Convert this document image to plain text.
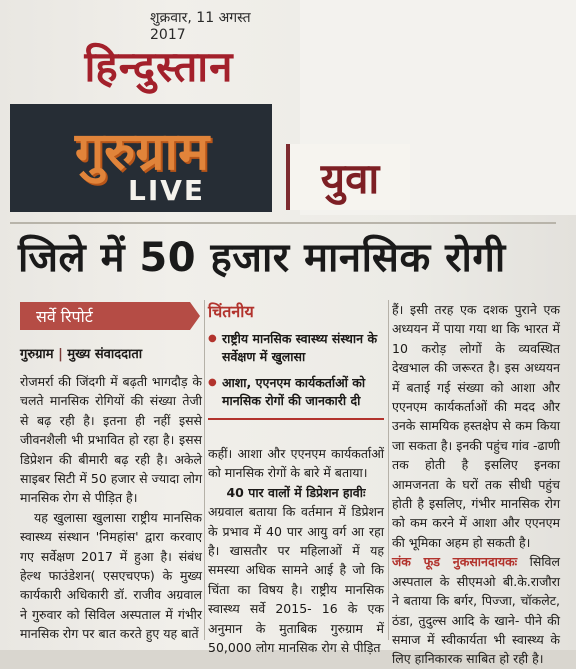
शुक्रवार, 11 अगस्त 2017
हिन्दुस्तान
गुरुग्राम
LIVE	युवा
जिले में 50 हजार मानसिक रोगी
सर्वे रिपोर्ट
गुरुग्राम | मुख्य संवाददाता

रोजमर्रा की जिंदगी में बढ़ती भागदौड़ के चलते मानसिक रोगियों की संख्या तेजी से बढ़ रही है। इतना ही नहीं इससे जीवनशैली भी प्रभावित हो रहा है। इसस डिप्रेशन की बीमारी बढ़ रही है। अकेले साइबर सिटी में 50 हजार से ज्यादा लोग मानसिक रोग से पीड़ित है।

यह खुलासा खुलासा राष्ट्रीय मानसिक स्वास्थ्य संस्थान 'निमहांस' द्वारा करवाए गए सर्वेक्षण 2017 में हुआ है। संबंध हेल्थ फाउंडेशन( एसएचएफ) के मुख्य कार्यकारी अधिकारी डॉ. राजीव अग्रवाल ने गुरुवार को सिविल अस्पताल में गंभीर मानसिक रोग पर बात करते हुए यह बातें

चिंतनीय
● राष्ट्रीय मानसिक स्वास्थ्य संस्थान के सर्वेक्षण में खुलासा
● आशा, एएनएम कार्यकर्ताओं को मानसिक रोगों की जानकारी दी

कहीं। आशा और एएनएम कार्यकर्ताओं को मानसिक रोगों के बारे में बताया।

40 पार वालों में डिप्रेशन हावीः

अग्रवाल बताया कि वर्तमान में डिप्रेशन के प्रभाव में 40 पार आयु वर्ग आ रहा है। खासतौर पर महिलाओं में यह समस्या अधिक सामने आई है जो कि चिंता का विषय है। राष्ट्रीय मानसिक स्वास्थ्य सर्वे 2015- 16 के एक अनुमान के मुताबिक गुरुग्राम में 50,000 लोग मानसिक रोग से पीड़ित

हैं। इसी तरह एक दशक पुराने एक अध्ययन में पाया गया था कि भारत में 10 करोड़ लोगों के व्यवस्थित देखभाल की जरूरत है। इस अध्ययन में बताई गई संख्या को आशा और एएनएम कार्यकर्ताओं की मदद और उनके सामयिक हस्तक्षेप से कम किया जा सकता है। इनकी पहुंच गांव -ढाणी तक होती है इसलिए इनका आमजनता के घरों तक सीधी पहुंच होती है इसलिए, गंभीर मानसिक रोग को कम करने में आशा और एएनएम की भूमिका अहम हो सकती है।

जंक फूड नुकसानदायकः सिविल अस्पताल के सीएमओ बी.के.राजौरा ने बताया कि बर्गर, पिज्जा, चॉकलेट, ठंडा, तुदुल्स आदि के खाने- पीने की समाज में स्वीकार्यता भी स्वास्थ्य के लिए हानिकारक साबित हो रही है।
